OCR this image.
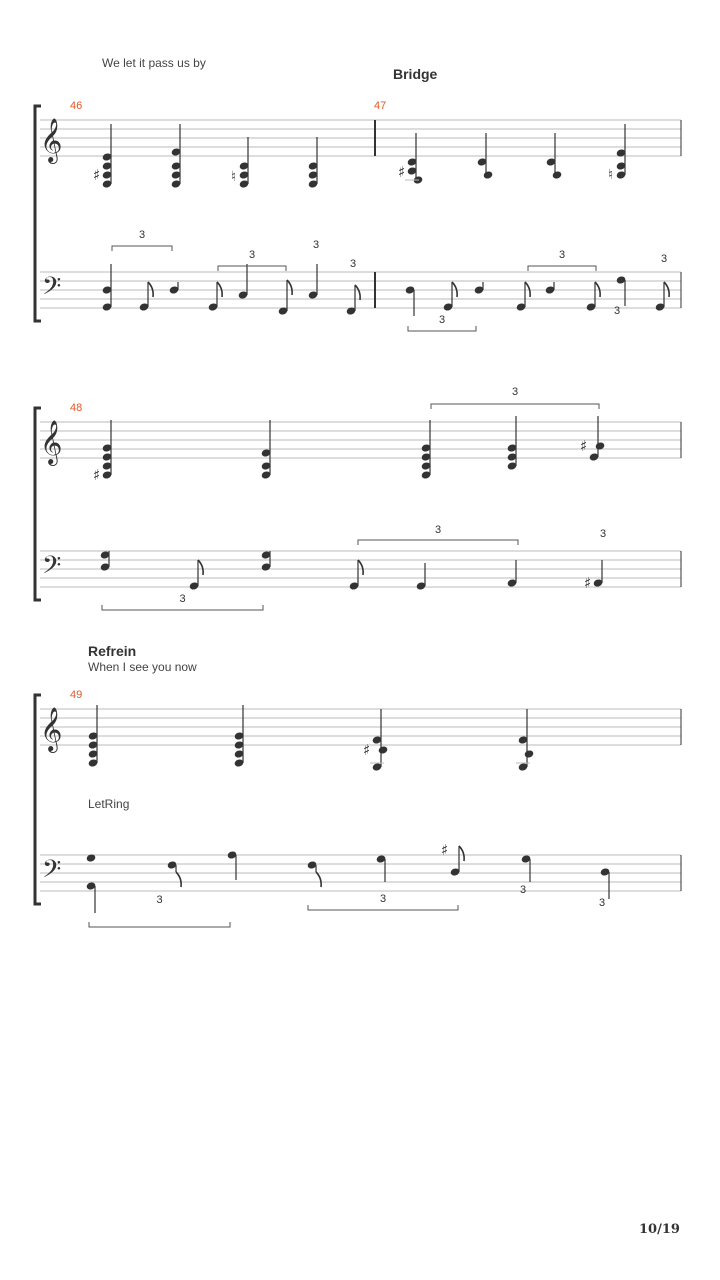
We let it pass us by
Bridge
46	47
48
Refrein
When I see you now
49
LetRing
10/19
𝄞
𝄢
♯	♮	♯	♮
3
3
3
3
3
3
3
3
𝄞
𝄢
♯
♯
3
♯
3
3	3
𝄞
𝄢
♯
♯
3	3
3
3
